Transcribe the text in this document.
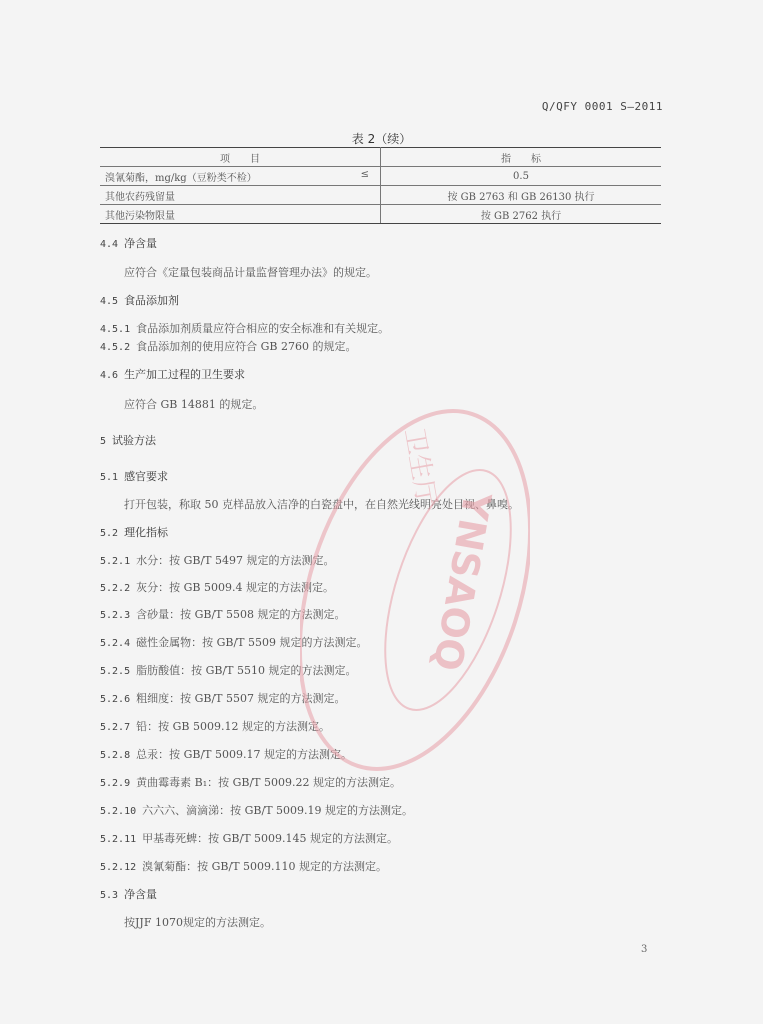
Q/QFY 0001 S—2011
表 2（续）
项　　目	指　　标
溴氰菊酯，mg/kg（豆粉类不检） ≤	0.5
其他农药残留量	按 GB 2763 和 GB 26130 执行
其他污染物限量	按 GB 2762 执行
4.4 净含量
应符合《定量包装商品计量监督管理办法》的规定。
4.5 食品添加剂
4.5.1 食品添加剂质量应符合相应的安全标准和有关规定。
4.5.2 食品添加剂的使用应符合 GB 2760 的规定。
4.6 生产加工过程的卫生要求
应符合 GB 14881 的规定。
5 试验方法
5.1 感官要求
打开包装，称取 50 克样品放入洁净的白瓷盘中，在自然光线明亮处目视、鼻嗅。
5.2 理化指标
5.2.1 水分：按 GB/T 5497 规定的方法测定。
5.2.2 灰分：按 GB 5009.4 规定的方法测定。
5.2.3 含砂量：按 GB/T 5508 规定的方法测定。
5.2.4 磁性金属物：按 GB/T 5509 规定的方法测定。
5.2.5 脂肪酸值：按 GB/T 5510 规定的方法测定。
5.2.6 粗细度：按 GB/T 5507 规定的方法测定。
5.2.7 铅：按 GB 5009.12 规定的方法测定。
5.2.8 总汞：按 GB/T 5009.17 规定的方法测定。
5.2.9 黄曲霉毒素 B₁：按 GB/T 5009.22 规定的方法测定。
5.2.10 六六六、滴滴涕：按 GB/T 5009.19 规定的方法测定。
5.2.11 甲基毒死蜱：按 GB/T 5009.145 规定的方法测定。
5.2.12 溴氰菊酯：按 GB/T 5009.110 规定的方法测定。
5.3 净含量
按JJF 1070规定的方法测定。
3
YNSAOQ
卫生厅
